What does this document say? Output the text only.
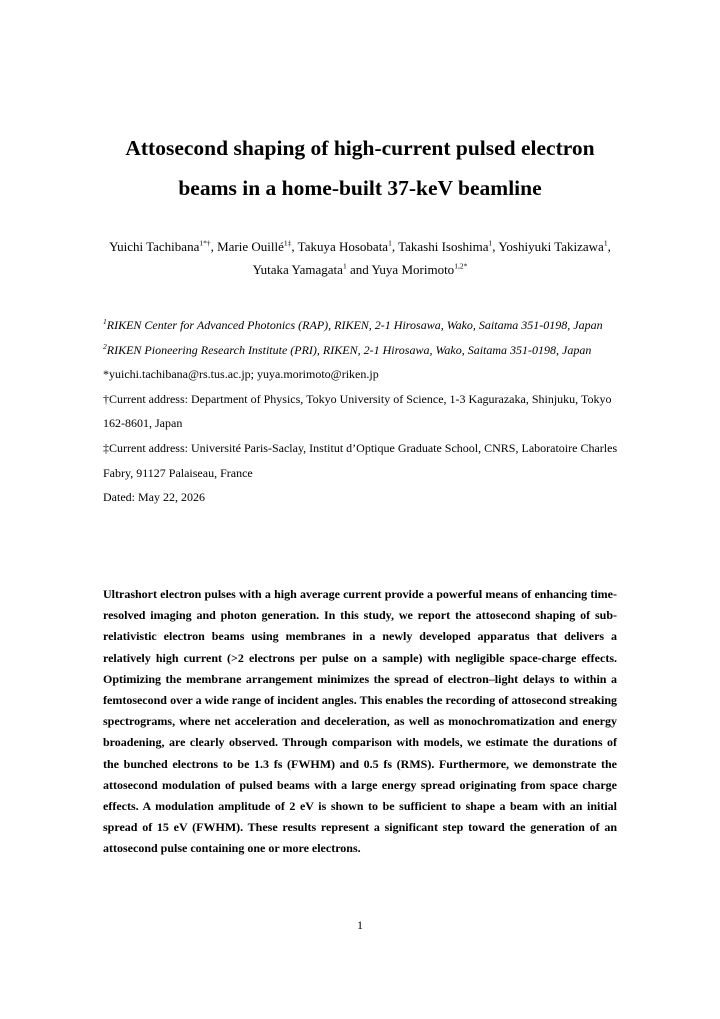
Attosecond shaping of high-current pulsed electron
beams in a home-built 37-keV beamline
Yuichi Tachibana$^{1*\dagger}$, Marie Ouillé$^{1\ddagger}$, Takuya Hosobata$^1$, Takashi Isoshima$^1$, Yoshiyuki Takizawa$^1$, Yutaka Yamagata$^1$ and Yuya Morimoto$^{1,2*}$

$^1$RIKEN Center for Advanced Photonics (RAP), RIKEN, 2-1 Hirosawa, Wako, Saitama 351-0198, Japan

$^2$RIKEN Pioneering Research Institute (PRI), RIKEN, 2-1 Hirosawa, Wako, Saitama 351-0198, Japan

*yuichi.tachibana@rs.tus.ac.jp; yuya.morimoto@riken.jp

†Current address: Department of Physics, Tokyo University of Science, 1-3 Kagurazaka, Shinjuku, Tokyo 162-8601, Japan

‡Current address: Université Paris-Saclay, Institut d’Optique Graduate School, CNRS, Laboratoire Charles Fabry, 91127 Palaiseau, France

Dated: May 22, 2026

Ultrashort electron pulses with a high average current provide a powerful means of enhancing time-resolved imaging and photon generation. In this study, we report the attosecond shaping of sub-relativistic electron beams using membranes in a newly developed apparatus that delivers a relatively high current (>2 electrons per pulse on a sample) with negligible space-charge effects. Optimizing the membrane arrangement minimizes the spread of electron–light delays to within a femtosecond over a wide range of incident angles. This enables the recording of attosecond streaking spectrograms, where net acceleration and deceleration, as well as monochromatization and energy broadening, are clearly observed. Through comparison with models, we estimate the durations of the bunched electrons to be 1.3 fs (FWHM) and 0.5 fs (RMS). Furthermore, we demonstrate the attosecond modulation of pulsed beams with a large energy spread originating from space charge effects. A modulation amplitude of 2 eV is shown to be sufficient to shape a beam with an initial spread of 15 eV (FWHM). These results represent a significant step toward the generation of an attosecond pulse containing one or more electrons.

1
